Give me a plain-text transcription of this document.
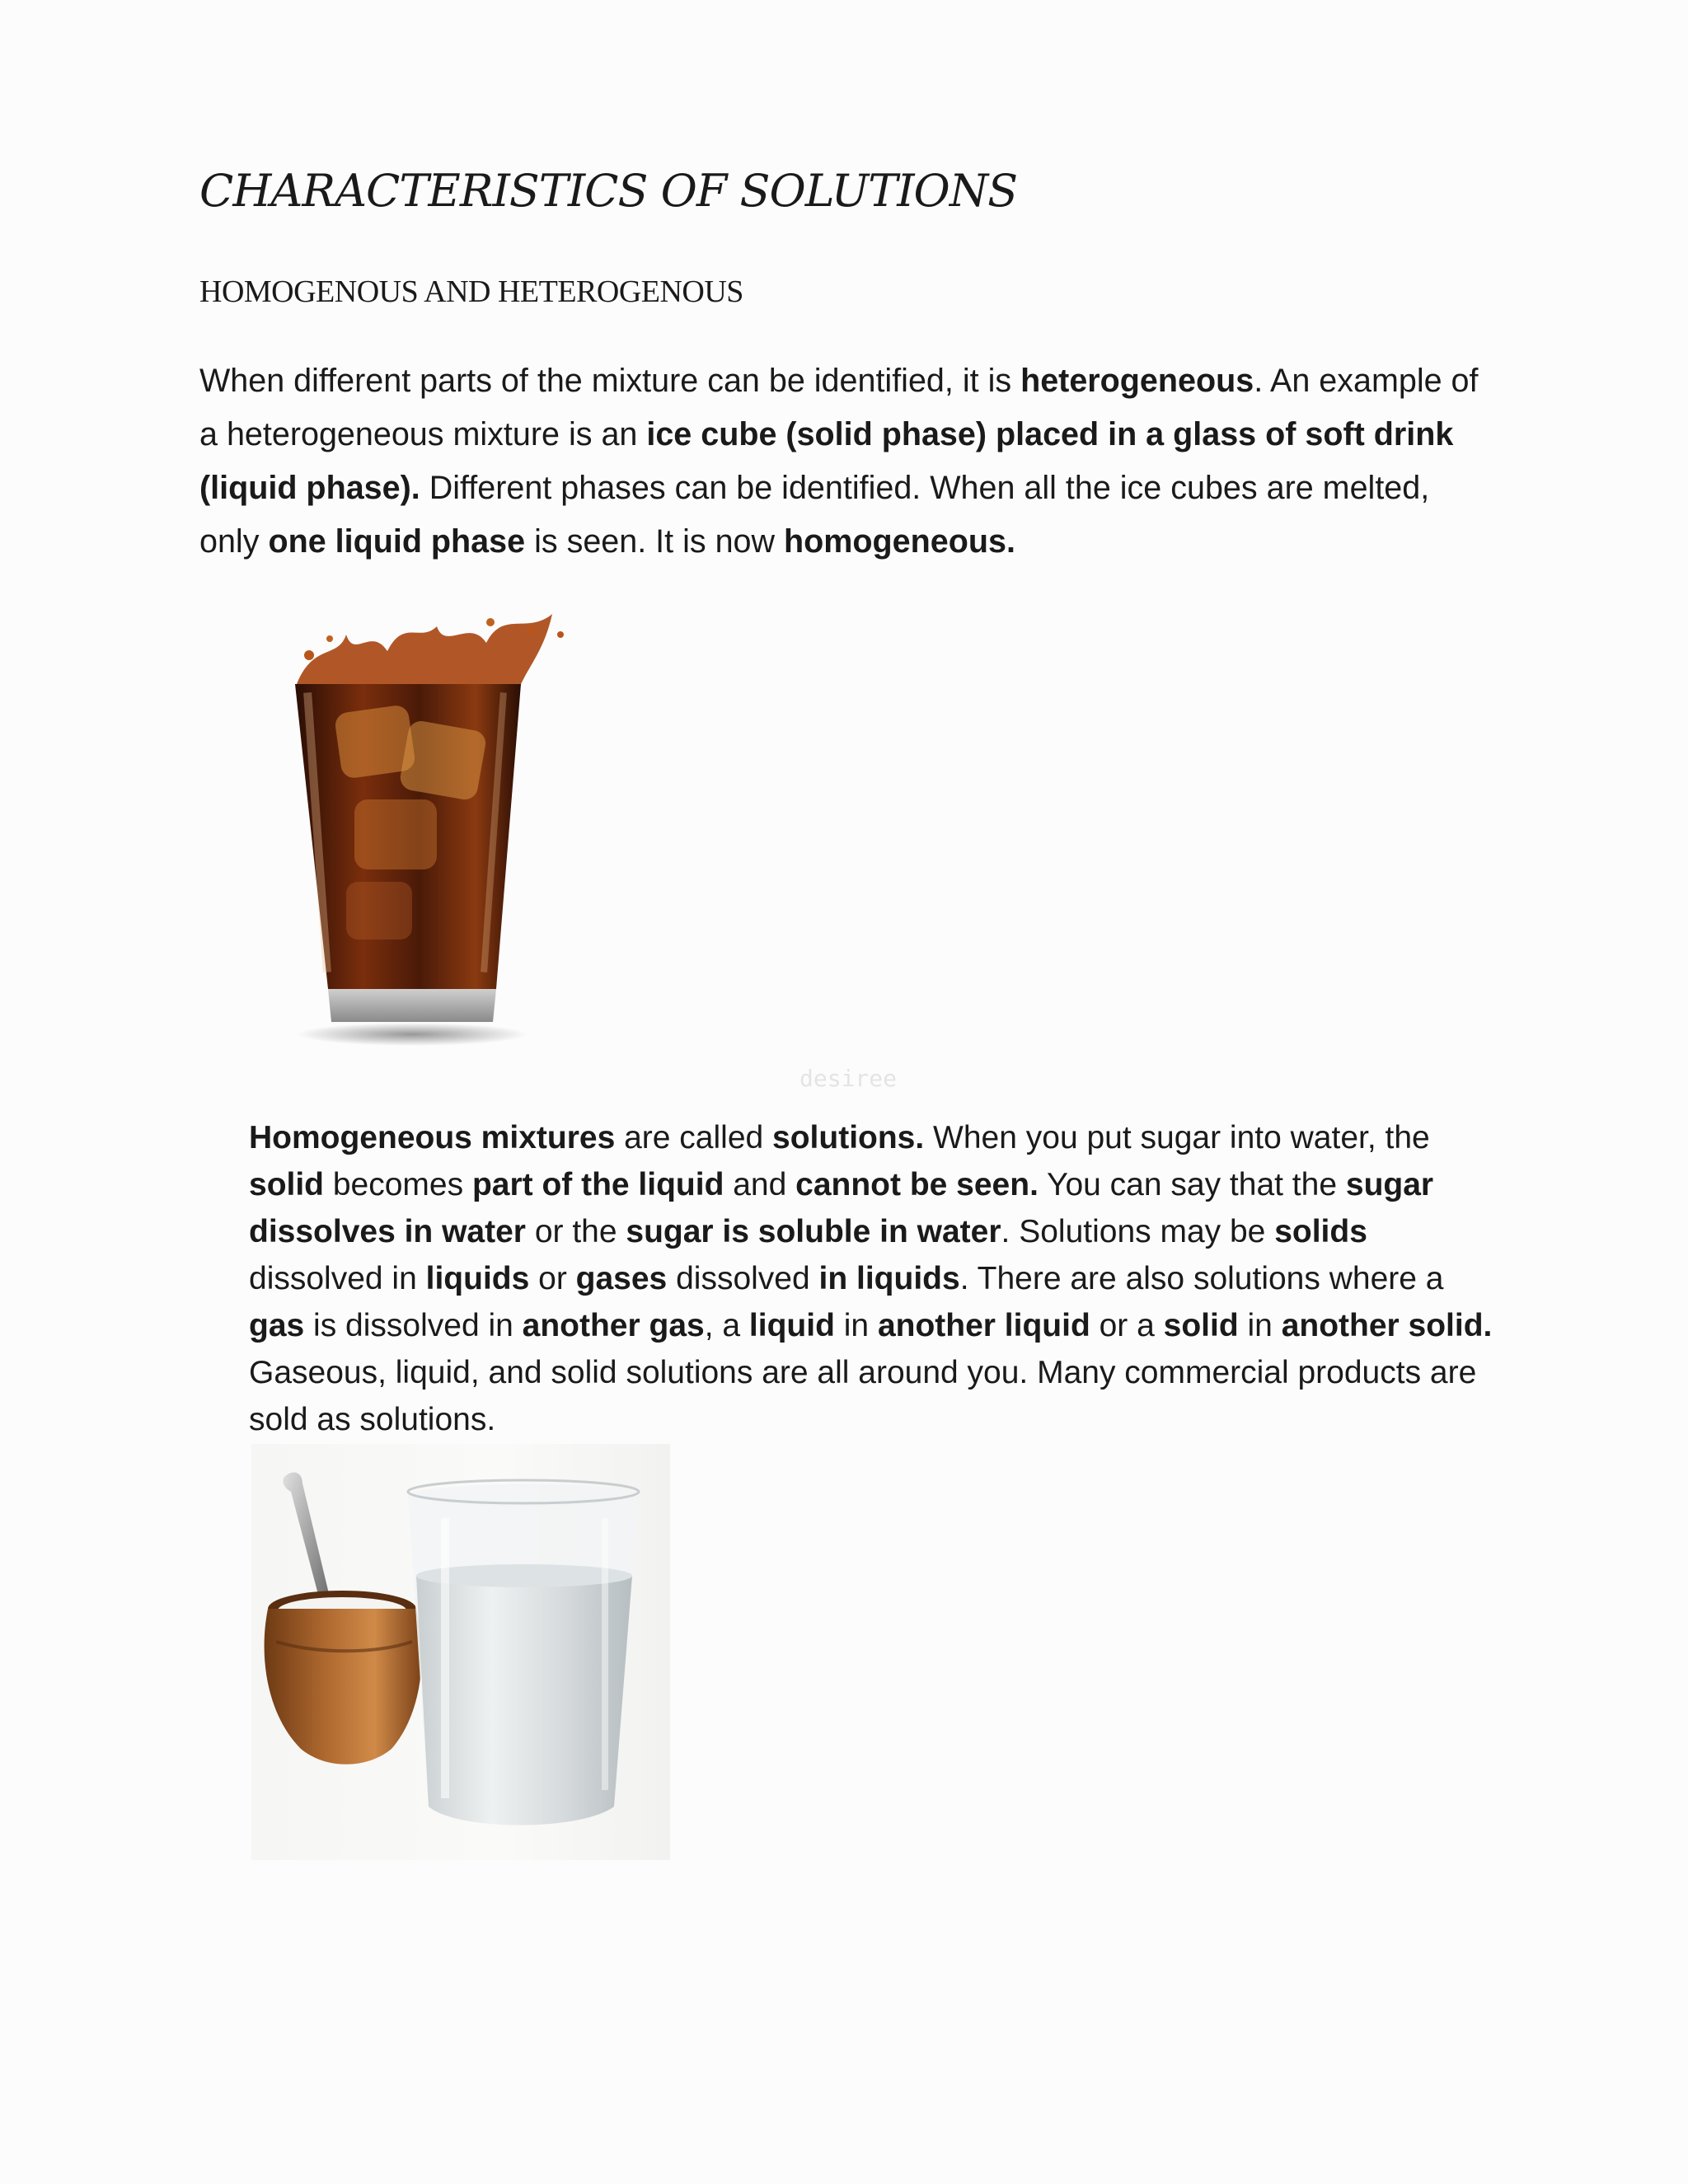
CHARACTERISTICS OF SOLUTIONS
HOMOGENOUS AND HETEROGENOUS

When different parts of the mixture can be identified, it is heterogeneous. An example of a heterogeneous mixture is an ice cube (solid phase) placed in a glass of soft drink (liquid phase). Different phases can be identified. When all the ice cubes are melted, only one liquid phase is seen. It is now homogeneous.

desiree

Homogeneous mixtures are called solutions. When you put sugar into water, the solid becomes part of the liquid and cannot be seen. You can say that the sugar dissolves in water or the sugar is soluble in water. Solutions may be solids dissolved in liquids or gases dissolved in liquids. There are also solutions where a gas is dissolved in another gas, a liquid in another liquid or a solid in another solid. Gaseous, liquid, and solid solutions are all around you. Many commercial products are sold as solutions.
